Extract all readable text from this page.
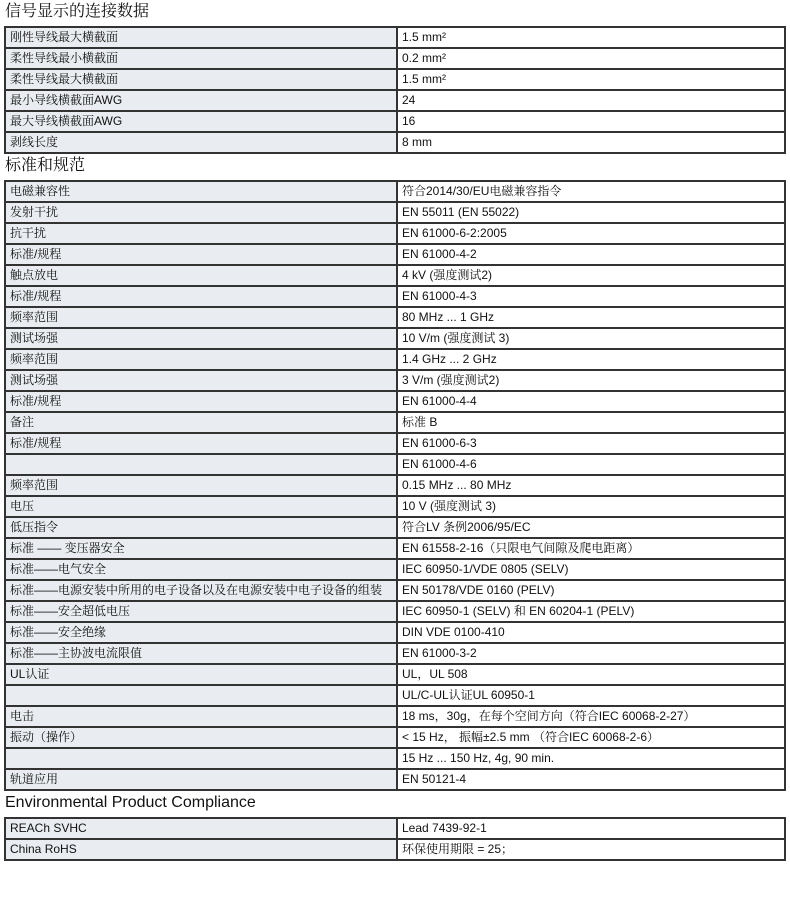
信号显示的连接数据
刚性导线最大横截面	1.5 mm²
柔性导线最小横截面	0.2 mm²
柔性导线最大横截面	1.5 mm²
最小导线横截面AWG	24
最大导线横截面AWG	16
剥线长度	8 mm
标准和规范
电磁兼容性	符合2014/30/EU电磁兼容指令
发射干扰	EN 55011 (EN 55022)
抗干扰	EN 61000-6-2:2005
标准/规程	EN 61000-4-2
触点放电	4 kV (强度测试2)
标准/规程	EN 61000-4-3
频率范围	80 MHz ... 1 GHz
测试场强	10 V/m (强度测试 3)
频率范围	1.4 GHz ... 2 GHz
测试场强	3 V/m (强度测试2)
标准/规程	EN 61000-4-4
备注	标准 B
标准/规程	EN 61000-6-3
	EN 61000-4-6
频率范围	0.15 MHz ... 80 MHz
电压	10 V (强度测试 3)
低压指令	符合LV 条例2006/95/EC
标准 —— 变压器安全	EN 61558-2-16（只限电气间隙及爬电距离）
标准——电气安全	IEC 60950-1/VDE 0805 (SELV)
标准——电源安装中所用的电子设备以及在电源安装中电子设备的组装	EN 50178/VDE 0160 (PELV)
标准——安全超低电压	IEC 60950-1 (SELV) 和 EN 60204-1 (PELV)
标准——安全绝缘	DIN VDE 0100-410
标准——主协波电流限值	EN 61000-3-2
UL认证	UL，UL 508
	UL/C-UL认证UL 60950-1
电击	18 ms，30g，在每个空间方向（符合IEC 60068-2-27）
振动（操作）	< 15 Hz， 振幅±2.5 mm （符合IEC 60068-2-6）
	15 Hz ... 150 Hz, 4g, 90 min.
轨道应用	EN 50121-4
Environmental Product Compliance
REACh SVHC	Lead 7439-92-1
China RoHS	环保使用期限 = 25；
